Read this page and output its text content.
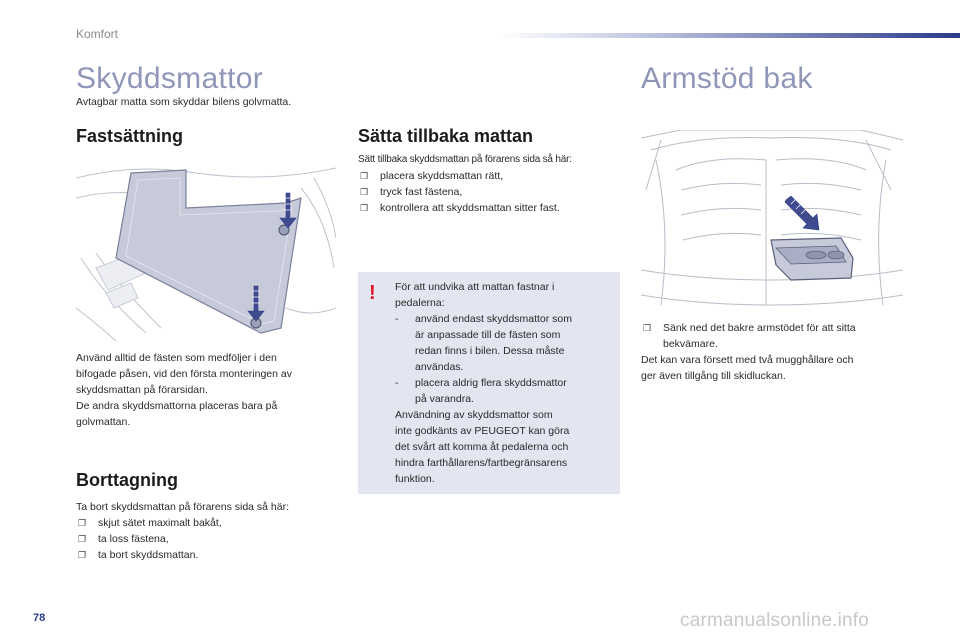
Komfort
Skyddsmattor
Avtagbar matta som skyddar bilens golvmatta.
Fastsättning

Använd alltid de fästen som medföljer i den

bifogade påsen, vid den första monteringen av

skyddsmattan på förarsidan.

De andra skyddsmattorna placeras bara på

golvmattan.

Borttagning

Ta bort skyddsmattan på förarens sida så här:

❐ skjut sätet maximalt bakåt,
❐ ta loss fästena,
❐ ta bort skyddsmattan.
Sätta tillbaka mattan

Sätt tillbaka skyddsmattan på förarens sida så här:

❐ placera skyddsmattan rätt,
❐ tryck fast fästena,
❐ kontrollera att skyddsmattan sitter fast.
! För att undvika att mattan fastnar i

pedalerna:

- använd endast skyddsmattor som

är anpassade till de fästen som

redan finns i bilen. Dessa måste

användas.

- placera aldrig flera skyddsmattor

på varandra.

Användning av skyddsmattor som

inte godkänts av PEUGEOT kan göra

det svårt att komma åt pedalerna och

hindra farthållarens/fartbegränsarens

funktion.

Armstöd bak
❐ Sänk ned det bakre armstödet för att sitta
bekvämare.

Det kan vara försett med två mugghållare och

ger även tillgång till skidluckan.

78	carmanualsonline.info
